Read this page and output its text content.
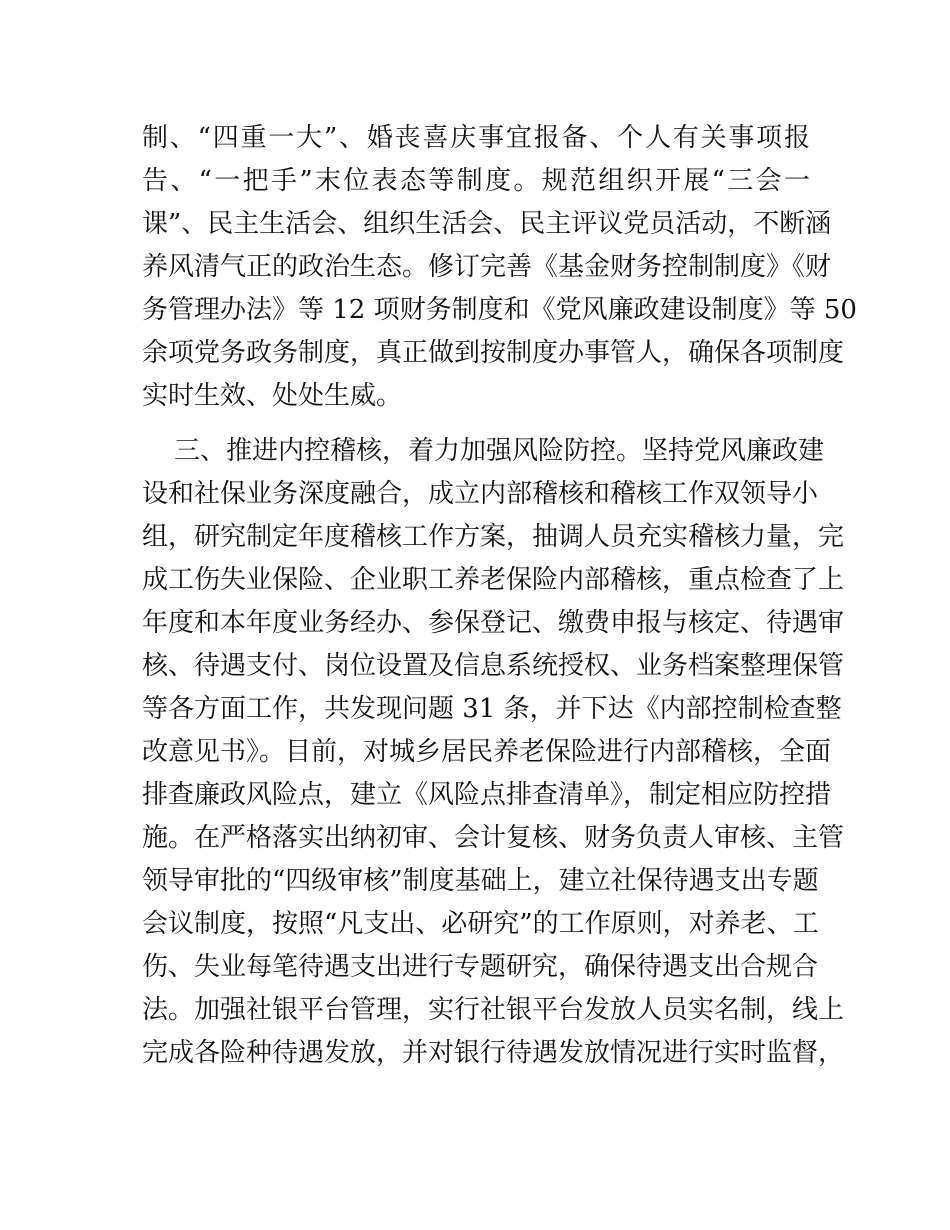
制、“四重一大”、婚丧喜庆事宜报备、个人有关事项报
告、“一把手”末位表态等制度。规范组织开展“三会一
课”、民主生活会、组织生活会、民主评议党员活动，不断涵
养风清气正的政治生态。修订完善《基金财务控制制度》《财
务管理办法》等 12 项财务制度和《党风廉政建设制度》等 50
余项党务政务制度，真正做到按制度办事管人，确保各项制度
实时生效、处处生威。
三、推进内控稽核，着力加强风险防控。坚持党风廉政建
设和社保业务深度融合，成立内部稽核和稽核工作双领导小
组，研究制定年度稽核工作方案，抽调人员充实稽核力量，完
成工伤失业保险、企业职工养老保险内部稽核，重点检查了上
年度和本年度业务经办、参保登记、缴费申报与核定、待遇审
核、待遇支付、岗位设置及信息系统授权、业务档案整理保管
等各方面工作，共发现问题 31 条，并下达《内部控制检查整
改意见书》。目前，对城乡居民养老保险进行内部稽核，全面
排查廉政风险点，建立《风险点排查清单》，制定相应防控措
施。在严格落实出纳初审、会计复核、财务负责人审核、主管
领导审批的“四级审核”制度基础上，建立社保待遇支出专题
会议制度，按照“凡支出、必研究”的工作原则，对养老、工
伤、失业每笔待遇支出进行专题研究，确保待遇支出合规合
法。加强社银平台管理，实行社银平台发放人员实名制，线上
完成各险种待遇发放，并对银行待遇发放情况进行实时监督，
